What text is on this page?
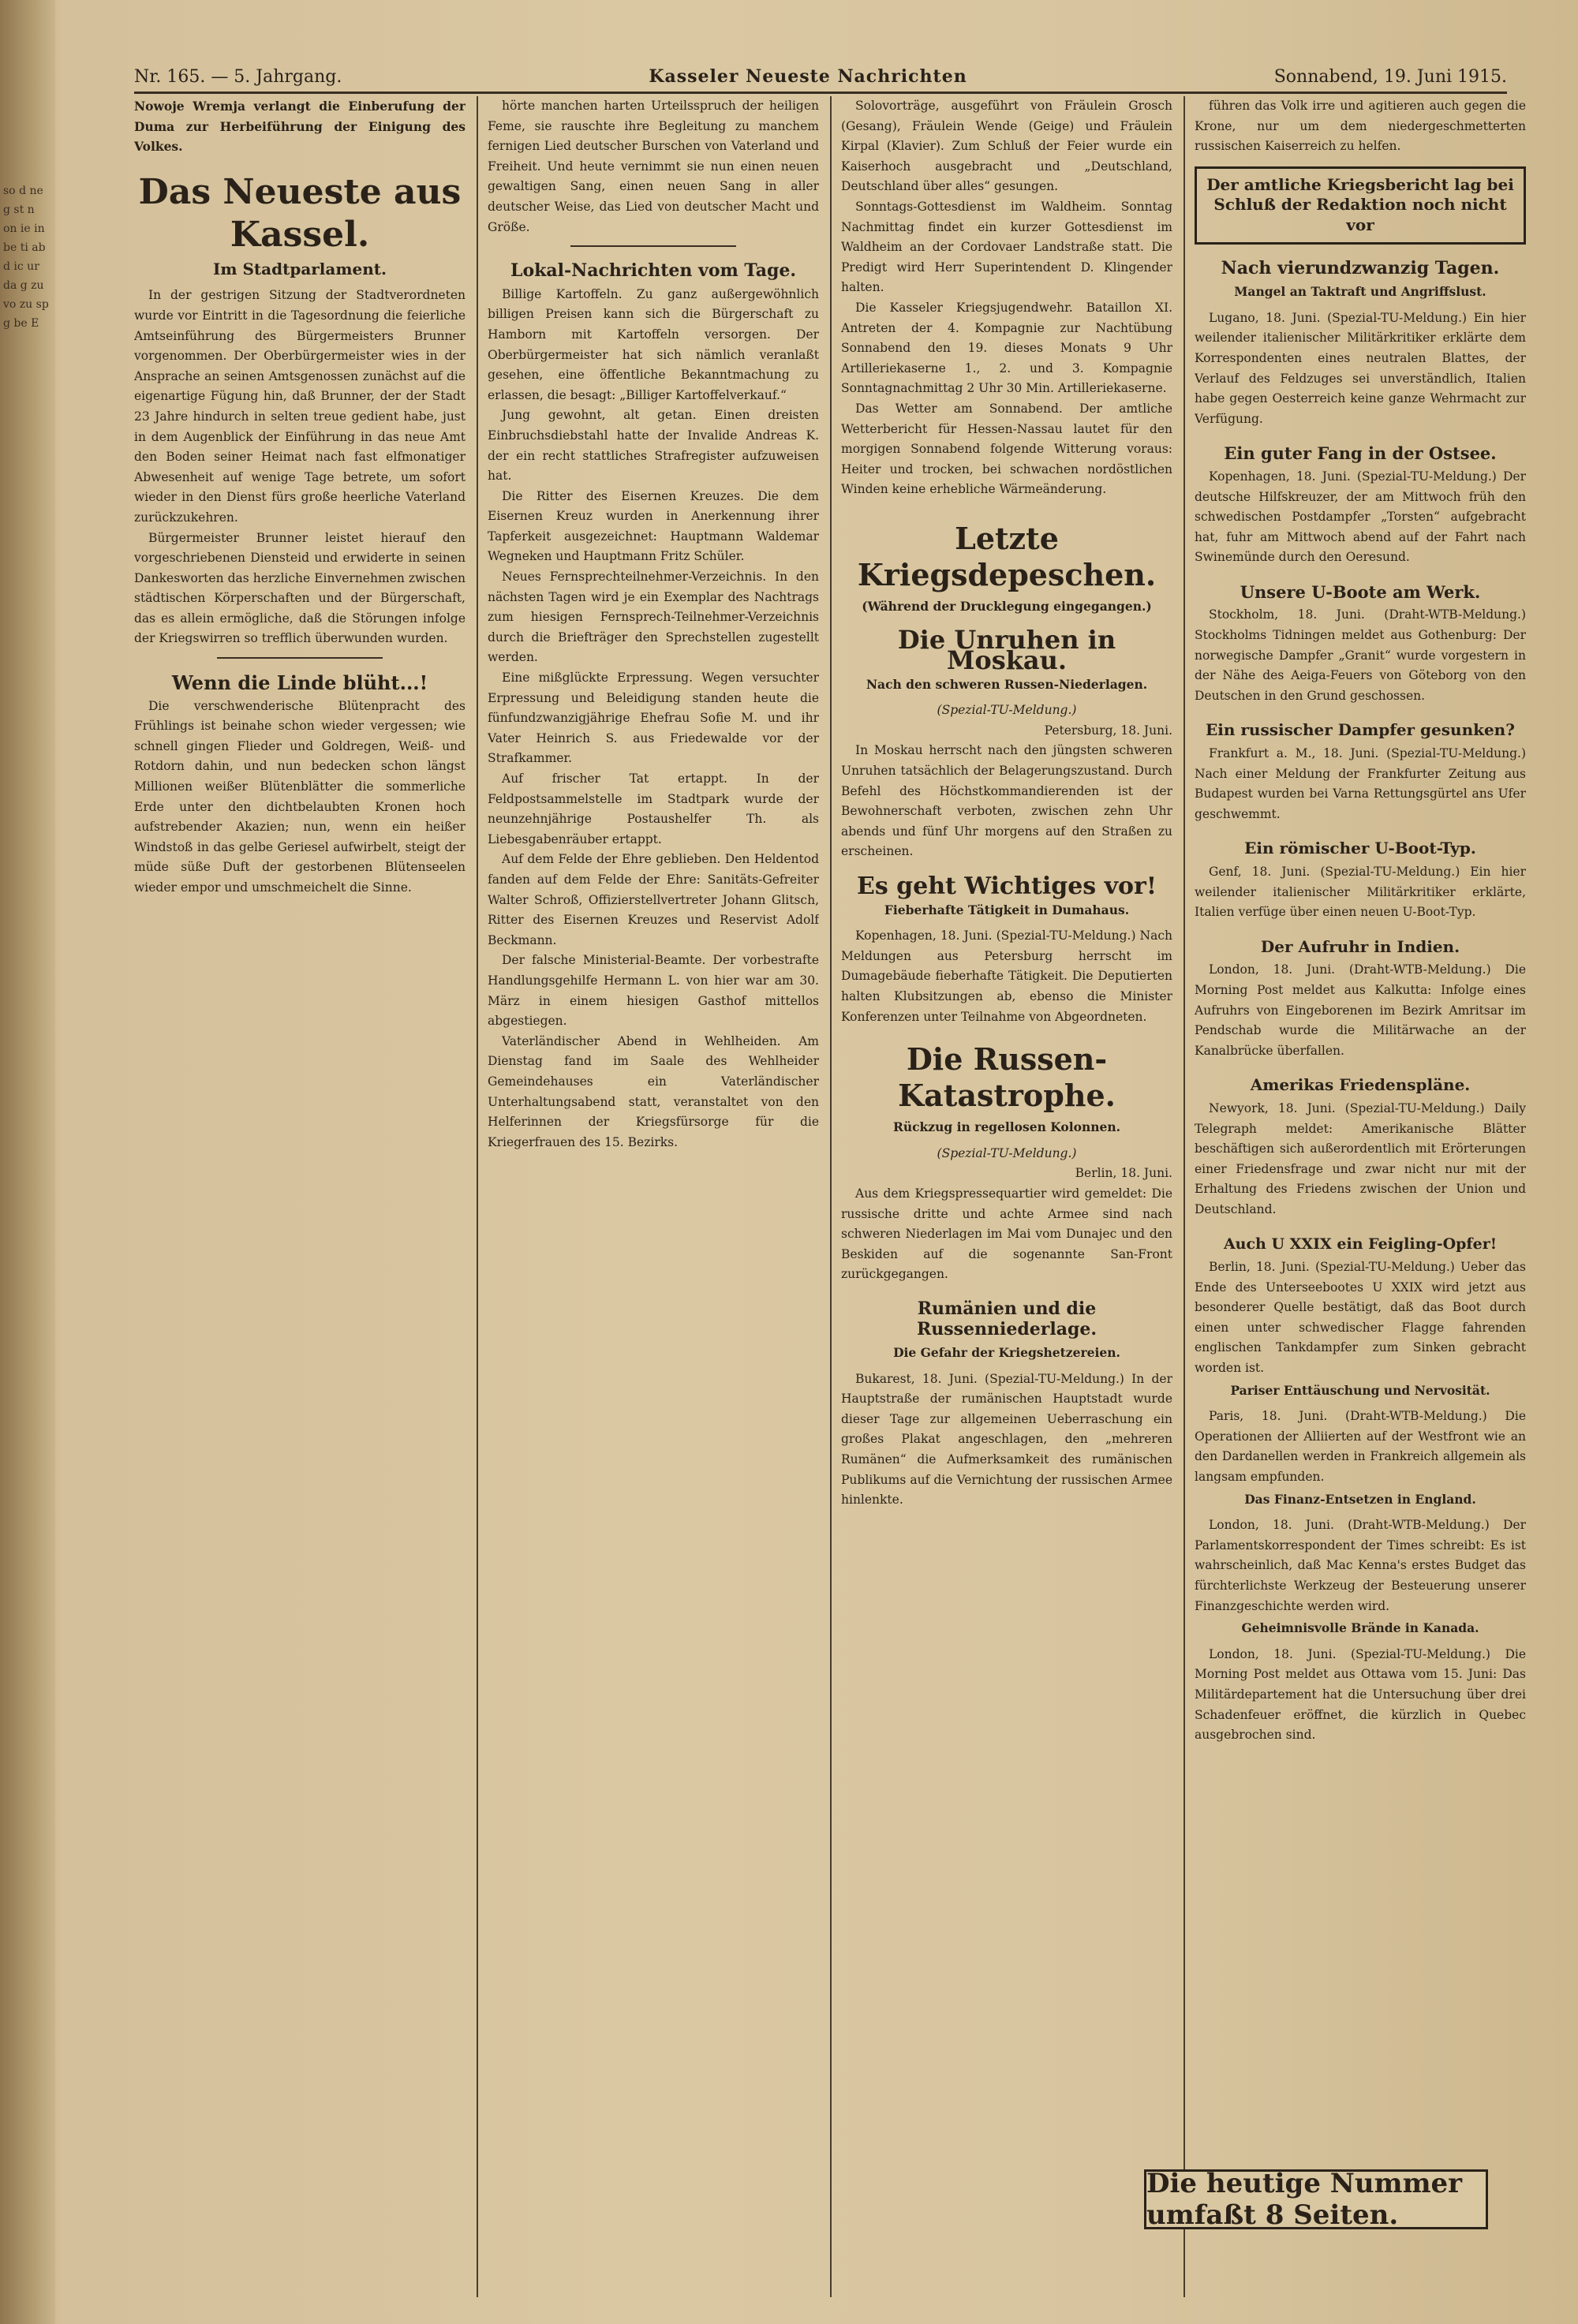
so d ne g st n on ie in be ti ab d ic ur da g zu vo zu sp g be E
Nr. 165. — 5. Jahrgang.	Kasseler Neueste Nachrichten	Sonnabend, 19. Juni 1915.

Nowoje Wremja verlangt die Einberufung der Duma zur Herbeiführung der Einigung des Volkes.

Das Neueste aus Kassel.
Im Stadtparlament.

In der gestrigen Sitzung der Stadtverordneten wurde vor Eintritt in die Tagesordnung die feierliche Amtseinführung des Bürgermeisters Brunner vorgenommen. Der Oberbürgermeister wies in der Ansprache an seinen Amtsgenossen zunächst auf die eigenartige Fügung hin, daß Brunner, der der Stadt 23 Jahre hindurch in selten treue gedient habe, just in dem Augenblick der Einführung in das neue Amt den Boden seiner Heimat nach fast elfmonatiger Abwesenheit auf wenige Tage betrete, um sofort wieder in den Dienst fürs große heerliche Vaterland zurückzukehren.

Bürgermeister Brunner leistet hierauf den vorgeschriebenen Diensteid und erwiderte in seinen Dankesworten das herzliche Einvernehmen zwischen städtischen Körperschaften und der Bürgerschaft, das es allein ermögliche, daß die Störungen infolge der Kriegswirren so trefflich überwunden wurden.

Wenn die Linde blüht...!

Die verschwenderische Blütenpracht des Frühlings ist beinahe schon wieder vergessen; wie schnell gingen Flieder und Goldregen, Weiß- und Rotdorn dahin, und nun bedecken schon längst Millionen weißer Blütenblätter die sommerliche Erde unter den dichtbelaubten Kronen hoch aufstrebender Akazien; nun, wenn ein heißer Windstoß in das gelbe Geriesel aufwirbelt, steigt der müde süße Duft der gestorbenen Blütenseelen wieder empor und umschmeichelt die Sinne.

hörte manchen harten Urteilsspruch der heiligen Feme, sie rauschte ihre Begleitung zu manchem fernigen Lied deutscher Burschen von Vaterland und Freiheit. Und heute vernimmt sie nun einen neuen gewaltigen Sang, einen neuen Sang in aller deutscher Weise, das Lied von deutscher Macht und Größe.

Lokal-Nachrichten vom Tage.

Billige Kartoffeln. Zu ganz außergewöhnlich billigen Preisen kann sich die Bürgerschaft zu Hamborn mit Kartoffeln versorgen. Der Oberbürgermeister hat sich nämlich veranlaßt gesehen, eine öffentliche Bekanntmachung zu erlassen, die besagt: „Billiger Kartoffelverkauf.“

Jung gewohnt, alt getan. Einen dreisten Einbruchsdiebstahl hatte der Invalide Andreas K. der ein recht stattliches Strafregister aufzuweisen hat.

Die Ritter des Eisernen Kreuzes. Die dem Eisernen Kreuz wurden in Anerkennung ihrer Tapferkeit ausgezeichnet: Hauptmann Waldemar Wegneken und Hauptmann Fritz Schüler.

Neues Fernsprechteilnehmer-Verzeichnis. In den nächsten Tagen wird je ein Exemplar des Nachtrags zum hiesigen Fernsprech-Teilnehmer-Verzeichnis durch die Briefträger den Sprechstellen zugestellt werden.

Eine mißglückte Erpressung. Wegen versuchter Erpressung und Beleidigung standen heute die fünfundzwanzigjährige Ehefrau Sofie M. und ihr Vater Heinrich S. aus Friedewalde vor der Strafkammer.

Auf frischer Tat ertappt. In der Feldpostsammelstelle im Stadtpark wurde der neunzehnjährige Postaushelfer Th. als Liebesgabenräuber ertappt.

Auf dem Felde der Ehre geblieben. Den Heldentod fanden auf dem Felde der Ehre: Sanitäts-Gefreiter Walter Schroß, Offizierstellvertreter Johann Glitsch, Ritter des Eisernen Kreuzes und Reservist Adolf Beckmann.

Der falsche Ministerial-Beamte. Der vorbestrafte Handlungsgehilfe Hermann L. von hier war am 30. März in einem hiesigen Gasthof mittellos abgestiegen.

Vaterländischer Abend in Wehlheiden. Am Dienstag fand im Saale des Wehlheider Gemeindehauses ein Vaterländischer Unterhaltungsabend statt, veranstaltet von den Helferinnen der Kriegsfürsorge für die Kriegerfrauen des 15. Bezirks.

Solovorträge, ausgeführt von Fräulein Grosch (Gesang), Fräulein Wende (Geige) und Fräulein Kirpal (Klavier). Zum Schluß der Feier wurde ein Kaiserhoch ausgebracht und „Deutschland, Deutschland über alles“ gesungen.

Sonntags-Gottesdienst im Waldheim. Sonntag Nachmittag findet ein kurzer Gottesdienst im Waldheim an der Cordovaer Landstraße statt. Die Predigt wird Herr Superintendent D. Klingender halten.

Die Kasseler Kriegsjugendwehr. Bataillon XI. Antreten der 4. Kompagnie zur Nachtübung Sonnabend den 19. dieses Monats 9 Uhr Artilleriekaserne 1., 2. und 3. Kompagnie Sonntagnachmittag 2 Uhr 30 Min. Artilleriekaserne.

Das Wetter am Sonnabend. Der amtliche Wetterbericht für Hessen-Nassau lautet für den morgigen Sonnabend folgende Witterung voraus: Heiter und trocken, bei schwachen nordöstlichen Winden keine erhebliche Wärmeänderung.

Letzte Kriegsdepeschen.
(Während der Drucklegung eingegangen.)
Die Unruhen in Moskau.
Nach den schweren Russen-Niederlagen.
(Spezial-TU-Meldung.)
Petersburg, 18. Juni.

In Moskau herrscht nach den jüngsten schweren Unruhen tatsächlich der Belagerungszustand. Durch Befehl des Höchstkommandierenden ist der Bewohnerschaft verboten, zwischen zehn Uhr abends und fünf Uhr morgens auf den Straßen zu erscheinen.

Es geht Wichtiges vor!
Fieberhafte Tätigkeit in Dumahaus.

Kopenhagen, 18. Juni. (Spezial-TU-Meldung.) Nach Meldungen aus Petersburg herrscht im Dumagebäude fieberhafte Tätigkeit. Die Deputierten halten Klubsitzungen ab, ebenso die Minister Konferenzen unter Teilnahme von Abgeordneten.

Die Russen-Katastrophe.
Rückzug in regellosen Kolonnen.
(Spezial-TU-Meldung.)
Berlin, 18. Juni.

Aus dem Kriegspressequartier wird gemeldet: Die russische dritte und achte Armee sind nach schweren Niederlagen im Mai vom Dunajec und den Beskiden auf die sogenannte San-Front zurückgegangen.

Rumänien und die Russenniederlage.
Die Gefahr der Kriegshetzereien.

Bukarest, 18. Juni. (Spezial-TU-Meldung.) In der Hauptstraße der rumänischen Hauptstadt wurde dieser Tage zur allgemeinen Ueberraschung ein großes Plakat angeschlagen, den „mehreren Rumänen“ die Aufmerksamkeit des rumänischen Publikums auf die Vernichtung der russischen Armee hinlenkte.

führen das Volk irre und agitieren auch gegen die Krone, nur um dem niedergeschmetterten russischen Kaiserreich zu helfen.

Der amtliche Kriegsbericht lag bei Schluß der Redaktion noch nicht vor
Nach vierundzwanzig Tagen.
Mangel an Taktraft und Angriffslust.

Lugano, 18. Juni. (Spezial-TU-Meldung.) Ein hier weilender italienischer Militärkritiker erklärte dem Korrespondenten eines neutralen Blattes, der Verlauf des Feldzuges sei unverständlich, Italien habe gegen Oesterreich keine ganze Wehrmacht zur Verfügung.

Ein guter Fang in der Ostsee.

Kopenhagen, 18. Juni. (Spezial-TU-Meldung.) Der deutsche Hilfskreuzer, der am Mittwoch früh den schwedischen Postdampfer „Torsten“ aufgebracht hat, fuhr am Mittwoch abend auf der Fahrt nach Swinemünde durch den Oeresund.

Unsere U-Boote am Werk.

Stockholm, 18. Juni. (Draht-WTB-Meldung.) Stockholms Tidningen meldet aus Gothenburg: Der norwegische Dampfer „Granit“ wurde vorgestern in der Nähe des Aeiga-Feuers von Göteborg von den Deutschen in den Grund geschossen.

Ein russischer Dampfer gesunken?

Frankfurt a. M., 18. Juni. (Spezial-TU-Meldung.) Nach einer Meldung der Frankfurter Zeitung aus Budapest wurden bei Varna Rettungsgürtel ans Ufer geschwemmt.

Ein römischer U-Boot-Typ.

Genf, 18. Juni. (Spezial-TU-Meldung.) Ein hier weilender italienischer Militärkritiker erklärte, Italien verfüge über einen neuen U-Boot-Typ.

Der Aufruhr in Indien.

London, 18. Juni. (Draht-WTB-Meldung.) Die Morning Post meldet aus Kalkutta: Infolge eines Aufruhrs von Eingeborenen im Bezirk Amritsar im Pendschab wurde die Militärwache an der Kanalbrücke überfallen.

Amerikas Friedenspläne.

Newyork, 18. Juni. (Spezial-TU-Meldung.) Daily Telegraph meldet: Amerikanische Blätter beschäftigen sich außerordentlich mit Erörterungen einer Friedensfrage und zwar nicht nur mit der Erhaltung des Friedens zwischen der Union und Deutschland.

Auch U XXIX ein Feigling-Opfer!

Berlin, 18. Juni. (Spezial-TU-Meldung.) Ueber das Ende des Unterseebootes U XXIX wird jetzt aus besonderer Quelle bestätigt, daß das Boot durch einen unter schwedischer Flagge fahrenden englischen Tankdampfer zum Sinken gebracht worden ist.

Pariser Enttäuschung und Nervosität.

Paris, 18. Juni. (Draht-WTB-Meldung.) Die Operationen der Alliierten auf der Westfront wie an den Dardanellen werden in Frankreich allgemein als langsam empfunden.

Das Finanz-Entsetzen in England.

London, 18. Juni. (Draht-WTB-Meldung.) Der Parlamentskorrespondent der Times schreibt: Es ist wahrscheinlich, daß Mac Kenna's erstes Budget das fürchterlichste Werkzeug der Besteuerung unserer Finanzgeschichte werden wird.

Geheimnisvolle Brände in Kanada.

London, 18. Juni. (Spezial-TU-Meldung.) Die Morning Post meldet aus Ottawa vom 15. Juni: Das Militärdepartement hat die Untersuchung über drei Schadenfeuer eröffnet, die kürzlich in Quebec ausgebrochen sind.

Die heutige Nummer umfaßt 8 Seiten.
